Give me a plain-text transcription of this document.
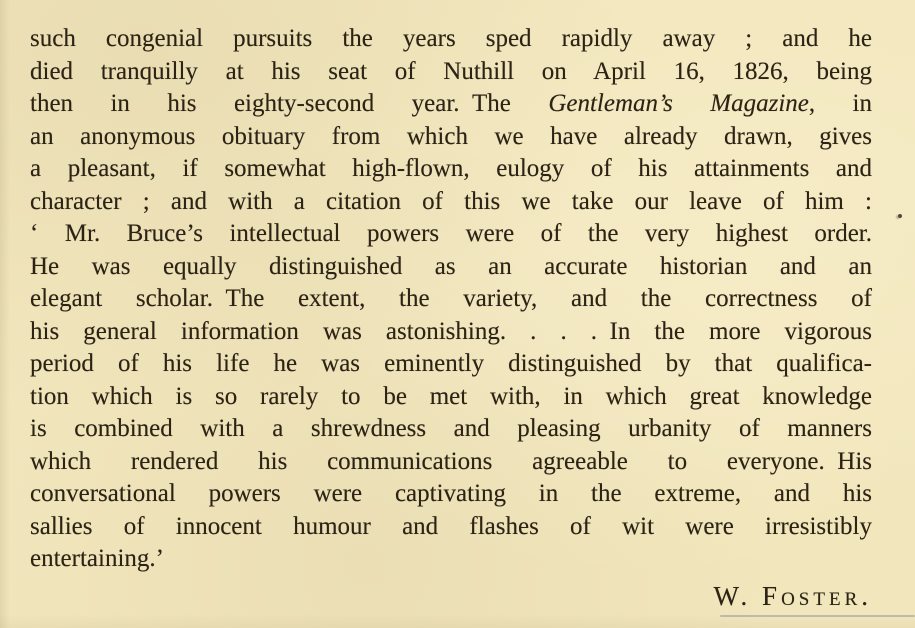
such congenial pursuits the years sped rapidly away ; and he
died tranquilly at his seat of Nuthill on April 16, 1826, being
then in his eighty-second year. The Gentleman’s Magazine, in
an anonymous obituary from which we have already drawn, gives
a pleasant, if somewhat high-flown, eulogy of his attainments and
character ; and with a citation of this we take our leave of him :
‘ Mr. Bruce’s intellectual powers were of the very highest order.
He was equally distinguished as an accurate historian and an
elegant scholar. The extent, the variety, and the correctness of
his general information was astonishing. . . . In the more vigorous
period of his life he was eminently distinguished by that qualifica-
tion which is so rarely to be met with, in which great knowledge
is combined with a shrewdness and pleasing urbanity of manners
which rendered his communications agreeable to everyone. His
conversational powers were captivating in the extreme, and his
sallies of innocent humour and flashes of wit were irresistibly
entertaining.’
W. Foster.
